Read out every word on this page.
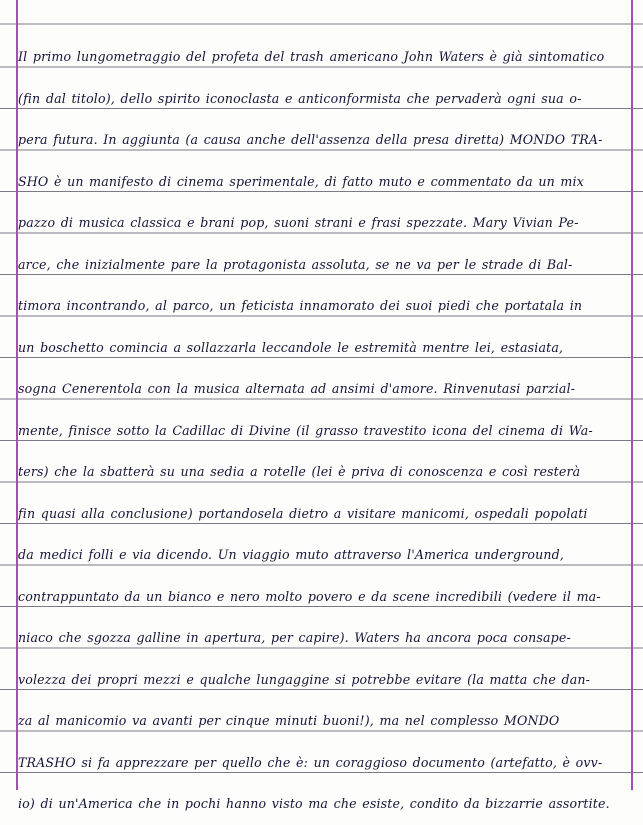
Il primo lungometraggio del profeta del trash americano John Waters è già sintomatico
(fin dal titolo), dello spirito iconoclasta e anticonformista che pervaderà ogni sua o-
pera futura. In aggiunta (a causa anche dell'assenza della presa diretta) MONDO TRA-
SHO è un manifesto di cinema sperimentale, di fatto muto e commentato da un mix
pazzo di musica classica e brani pop, suoni strani e frasi spezzate. Mary Vivian Pe-
arce, che inizialmente pare la protagonista assoluta, se ne va per le strade di Bal-
timora incontrando, al parco, un feticista innamorato dei suoi piedi che portatala in
un boschetto comincia a sollazzarla leccandole le estremità mentre lei, estasiata,
sogna Cenerentola con la musica alternata ad ansimi d'amore. Rinvenutasi parzial-
mente, finisce sotto la Cadillac di Divine (il grasso travestito icona del cinema di Wa-
ters) che la sbatterà su una sedia a rotelle (lei è priva di conoscenza e così resterà
fin quasi alla conclusione) portandosela dietro a visitare manicomi, ospedali popolati
da medici folli e via dicendo. Un viaggio muto attraverso l'America underground,
contrappuntato da un bianco e nero molto povero e da scene incredibili (vedere il ma-
niaco che sgozza galline in apertura, per capire). Waters ha ancora poca consape-
volezza dei propri mezzi e qualche lungaggine si potrebbe evitare (la matta che dan-
za al manicomio va avanti per cinque minuti buoni!), ma nel complesso MONDO
TRASHO si fa apprezzare per quello che è: un coraggioso documento (artefatto, è ovv-
io) di un'America che in pochi hanno visto ma che esiste, condito da bizzarrie assortite.
